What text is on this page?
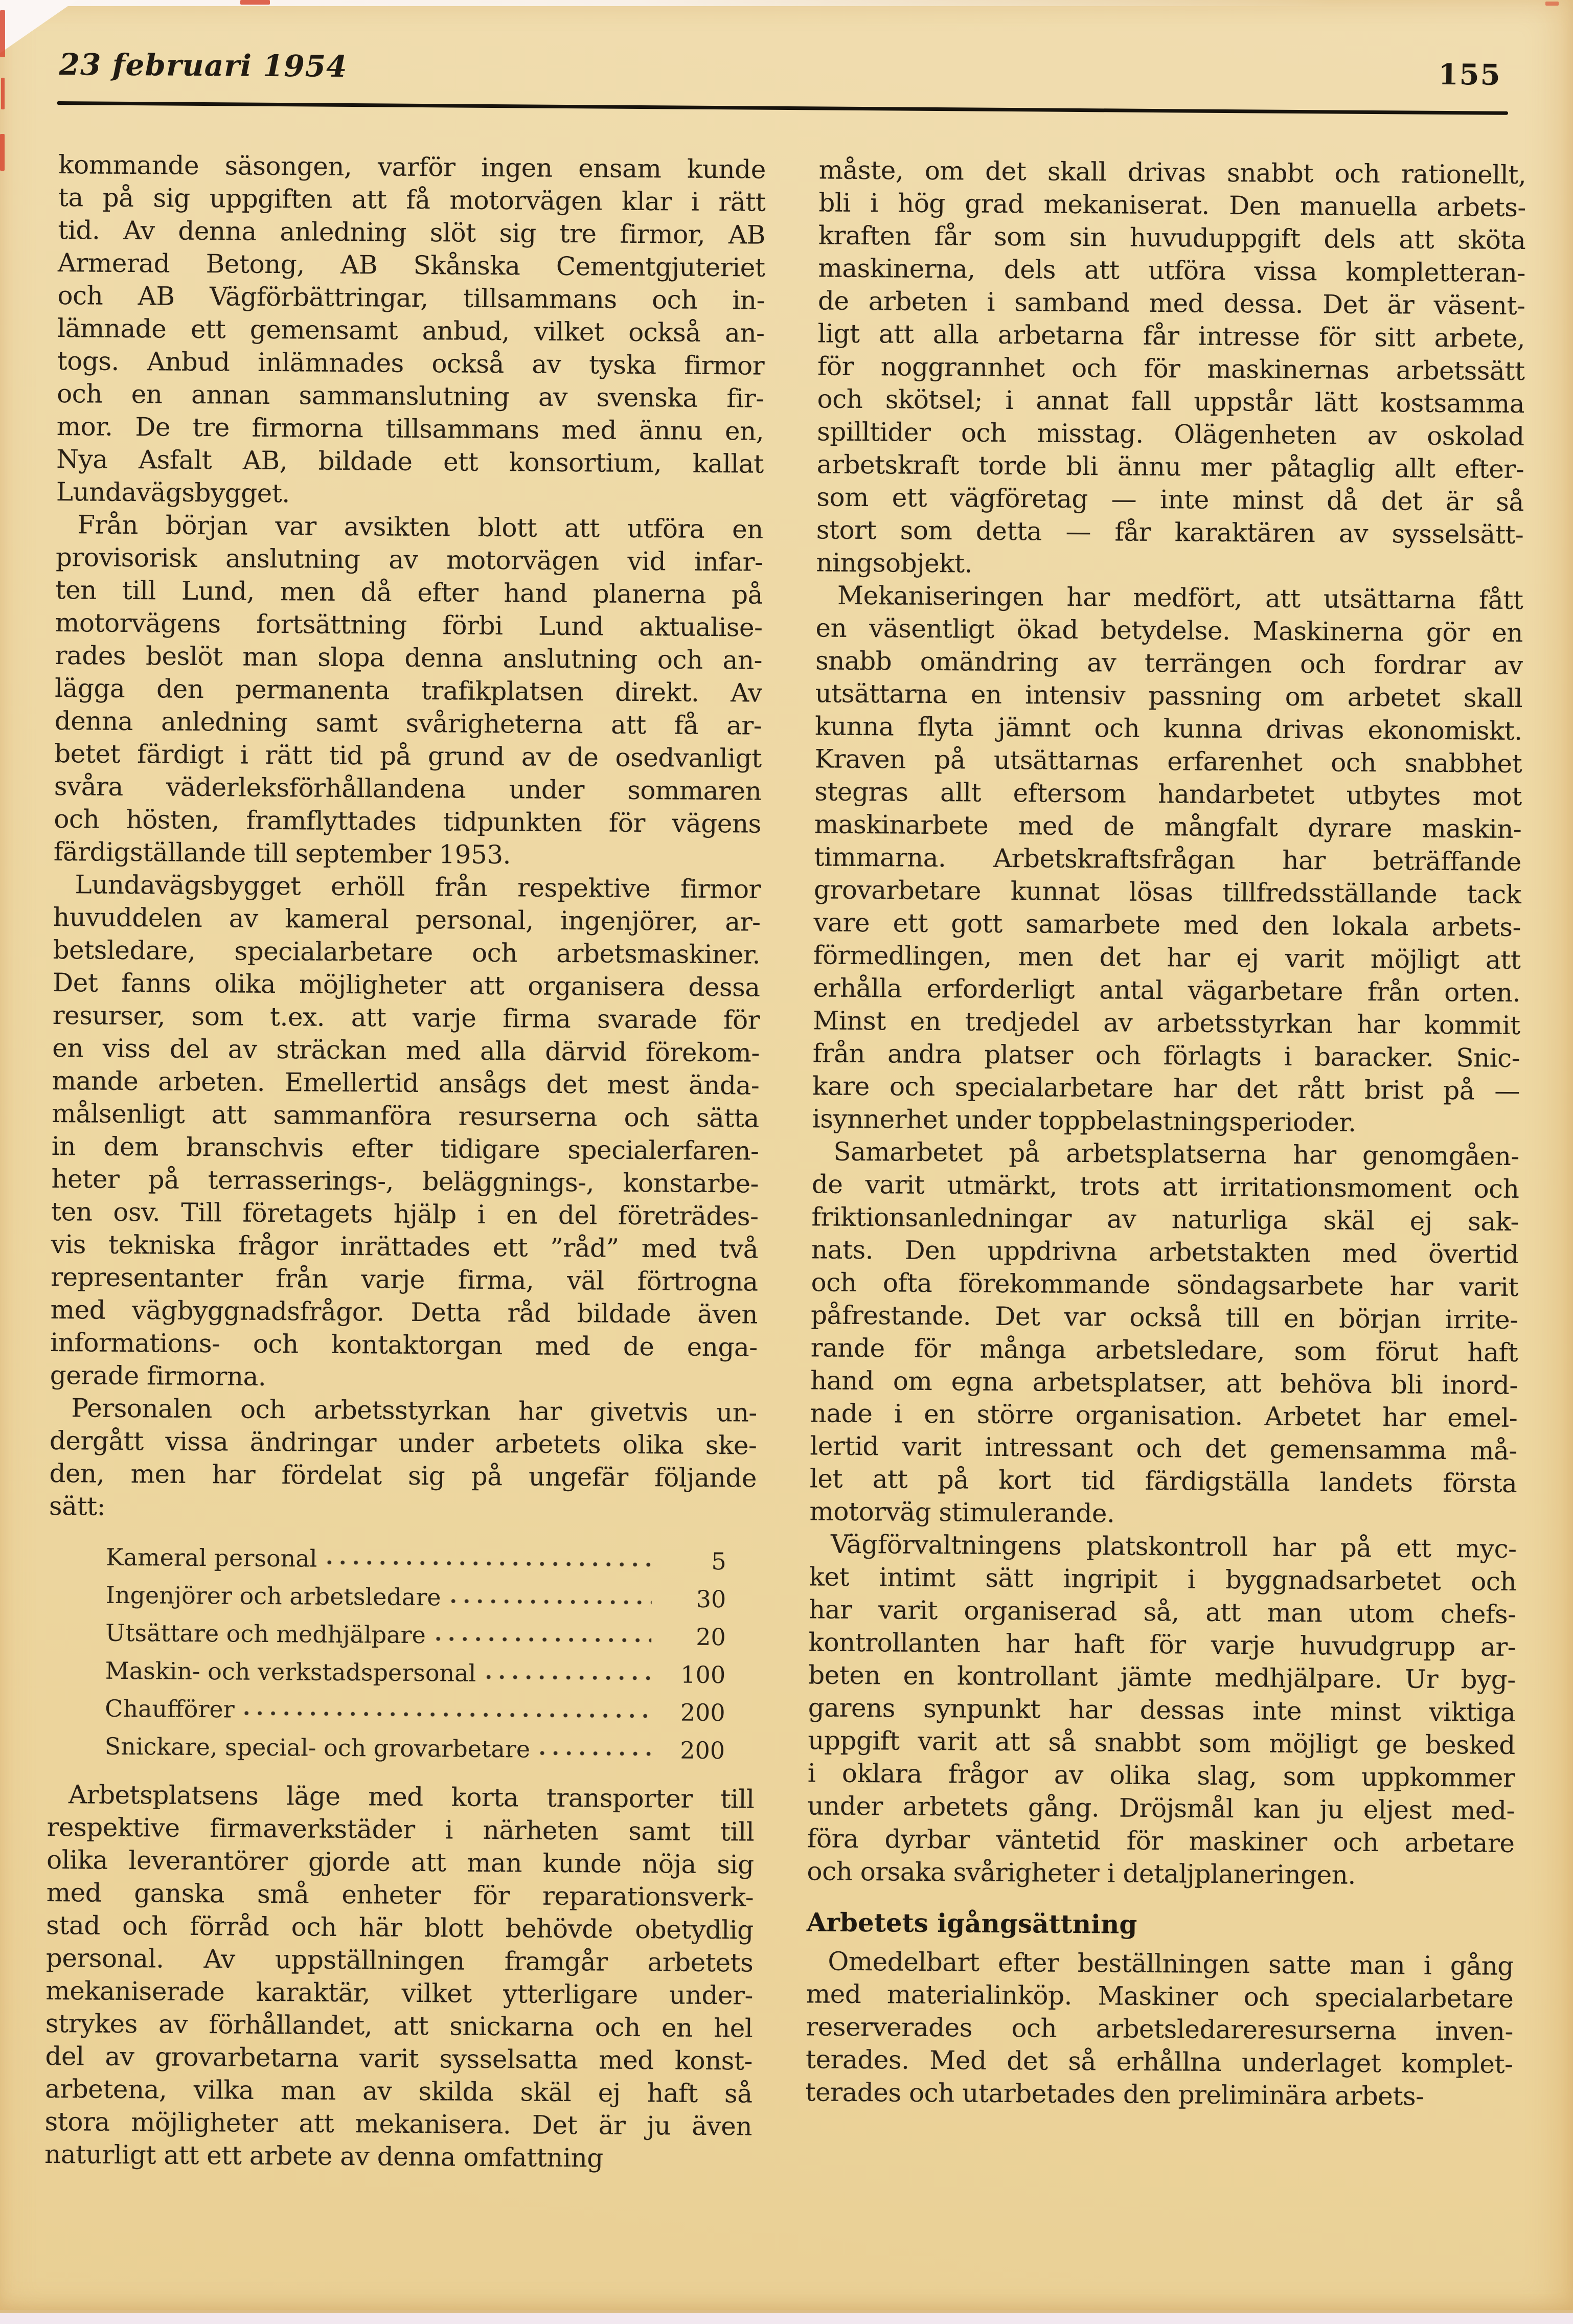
23 februari 1954	155
kommande säsongen, varför ingen ensam kunde
ta på sig uppgiften att få motorvägen klar i rätt
tid. Av denna anledning slöt sig tre firmor, AB
Armerad Betong, AB Skånska Cementgjuteriet
och AB Vägförbättringar, tillsammans och in-
lämnade ett gemensamt anbud, vilket också an-
togs. Anbud inlämnades också av tyska firmor
och en annan sammanslutning av svenska fir-
mor. De tre firmorna tillsammans med ännu en,
Nya Asfalt AB, bildade ett konsortium, kallat
Lundavägsbygget.
Från början var avsikten blott att utföra en
provisorisk anslutning av motorvägen vid infar-
ten till Lund, men då efter hand planerna på
motorvägens fortsättning förbi Lund aktualise-
rades beslöt man slopa denna anslutning och an-
lägga den permanenta trafikplatsen direkt. Av
denna anledning samt svårigheterna att få ar-
betet färdigt i rätt tid på grund av de osedvanligt
svåra väderleksförhållandena under sommaren
och hösten, framflyttades tidpunkten för vägens
färdigställande till september 1953.
Lundavägsbygget erhöll från respektive firmor
huvuddelen av kameral personal, ingenjörer, ar-
betsledare, specialarbetare och arbetsmaskiner.
Det fanns olika möjligheter att organisera dessa
resurser, som t.ex. att varje firma svarade för
en viss del av sträckan med alla därvid förekom-
mande arbeten. Emellertid ansågs det mest ända-
målsenligt att sammanföra resurserna och sätta
in dem branschvis efter tidigare specialerfaren-
heter på terrasserings-, beläggnings-, konstarbe-
ten osv. Till företagets hjälp i en del företrädes-
vis tekniska frågor inrättades ett ”råd” med två
representanter från varje firma, väl förtrogna
med vägbyggnadsfrågor. Detta råd bildade även
informations- och kontaktorgan med de enga-
gerade firmorna.
Personalen och arbetsstyrkan har givetvis un-
dergått vissa ändringar under arbetets olika ske-
den, men har fördelat sig på ungefär följande
sätt:
Kameral personal	5
Ingenjörer och arbetsledare	30
Utsättare och medhjälpare	20
Maskin- och verkstadspersonal	100
Chaufförer	200
Snickare, special- och grovarbetare	200
Arbetsplatsens läge med korta transporter till
respektive firmaverkstäder i närheten samt till
olika leverantörer gjorde att man kunde nöja sig
med ganska små enheter för reparationsverk-
stad och förråd och här blott behövde obetydlig
personal. Av uppställningen framgår arbetets
mekaniserade karaktär, vilket ytterligare under-
strykes av förhållandet, att snickarna och en hel
del av grovarbetarna varit sysselsatta med konst-
arbetena, vilka man av skilda skäl ej haft så
stora möjligheter att mekanisera. Det är ju även
naturligt att ett arbete av denna omfattning
måste, om det skall drivas snabbt och rationellt,
bli i hög grad mekaniserat. Den manuella arbets-
kraften får som sin huvuduppgift dels att sköta
maskinerna, dels att utföra vissa kompletteran-
de arbeten i samband med dessa. Det är väsent-
ligt att alla arbetarna får intresse för sitt arbete,
för noggrannhet och för maskinernas arbetssätt
och skötsel; i annat fall uppstår lätt kostsamma
spilltider och misstag. Olägenheten av oskolad
arbetskraft torde bli ännu mer påtaglig allt efter-
som ett vägföretag — inte minst då det är så
stort som detta — får karaktären av sysselsätt-
ningsobjekt.
Mekaniseringen har medfört, att utsättarna fått
en väsentligt ökad betydelse. Maskinerna gör en
snabb omändring av terrängen och fordrar av
utsättarna en intensiv passning om arbetet skall
kunna flyta jämnt och kunna drivas ekonomiskt.
Kraven på utsättarnas erfarenhet och snabbhet
stegras allt eftersom handarbetet utbytes mot
maskinarbete med de mångfalt dyrare maskin-
timmarna. Arbetskraftsfrågan har beträffande
grovarbetare kunnat lösas tillfredsställande tack
vare ett gott samarbete med den lokala arbets-
förmedlingen, men det har ej varit möjligt att
erhålla erforderligt antal vägarbetare från orten.
Minst en tredjedel av arbetsstyrkan har kommit
från andra platser och förlagts i baracker. Snic-
kare och specialarbetare har det rått brist på —
isynnerhet under toppbelastningsperioder.
Samarbetet på arbetsplatserna har genomgåen-
de varit utmärkt, trots att irritationsmoment och
friktionsanledningar av naturliga skäl ej sak-
nats. Den uppdrivna arbetstakten med övertid
och ofta förekommande söndagsarbete har varit
påfrestande. Det var också till en början irrite-
rande för många arbetsledare, som förut haft
hand om egna arbetsplatser, att behöva bli inord-
nade i en större organisation. Arbetet har emel-
lertid varit intressant och det gemensamma må-
let att på kort tid färdigställa landets första
motorväg stimulerande.
Vägförvaltningens platskontroll har på ett myc-
ket intimt sätt ingripit i byggnadsarbetet och
har varit organiserad så, att man utom chefs-
kontrollanten har haft för varje huvudgrupp ar-
beten en kontrollant jämte medhjälpare. Ur byg-
garens synpunkt har dessas inte minst viktiga
uppgift varit att så snabbt som möjligt ge besked
i oklara frågor av olika slag, som uppkommer
under arbetets gång. Dröjsmål kan ju eljest med-
föra dyrbar väntetid för maskiner och arbetare
och orsaka svårigheter i detaljplaneringen.
Arbetets igångsättning
Omedelbart efter beställningen satte man i gång
med materialinköp. Maskiner och specialarbetare
reserverades och arbetsledareresurserna inven-
terades. Med det så erhållna underlaget komplet-
terades och utarbetades den preliminära arbets-
